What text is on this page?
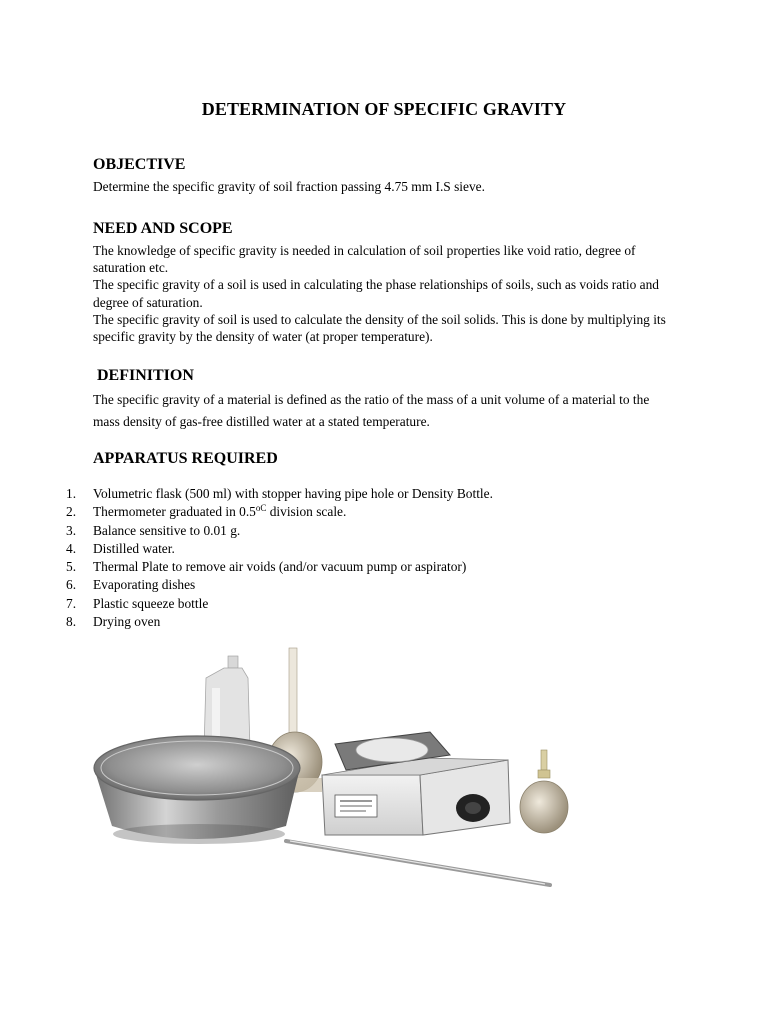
DETERMINATION OF SPECIFIC GRAVITY
OBJECTIVE
Determine the specific gravity of soil fraction passing 4.75 mm I.S sieve.
NEED AND SCOPE

The knowledge of specific gravity is needed in calculation of soil properties like void ratio, degree of saturation etc.

The specific gravity of a soil is used in calculating the phase relationships of soils, such as voids ratio and degree of saturation.

The specific gravity of soil is used to calculate the density of the soil solids. This is done by multiplying its specific gravity by the density of water (at proper temperature).

DEFINITION
The specific gravity of a material is defined as the ratio of the mass of a unit volume of a material to the mass density of gas-free distilled water at a stated temperature.
APPARATUS REQUIRED
1.	Volumetric flask (500 ml) with stopper having pipe hole or Density Bottle.
2.	Thermometer graduated in $0.5^{oC}$ division scale.
3.	Balance sensitive to 0.01 g.
4.	Distilled water.
5.	Thermal Plate to remove air voids (and/or vacuum pump or aspirator)
6.	Evaporating dishes
7.	Plastic squeeze bottle
8.	Drying oven
